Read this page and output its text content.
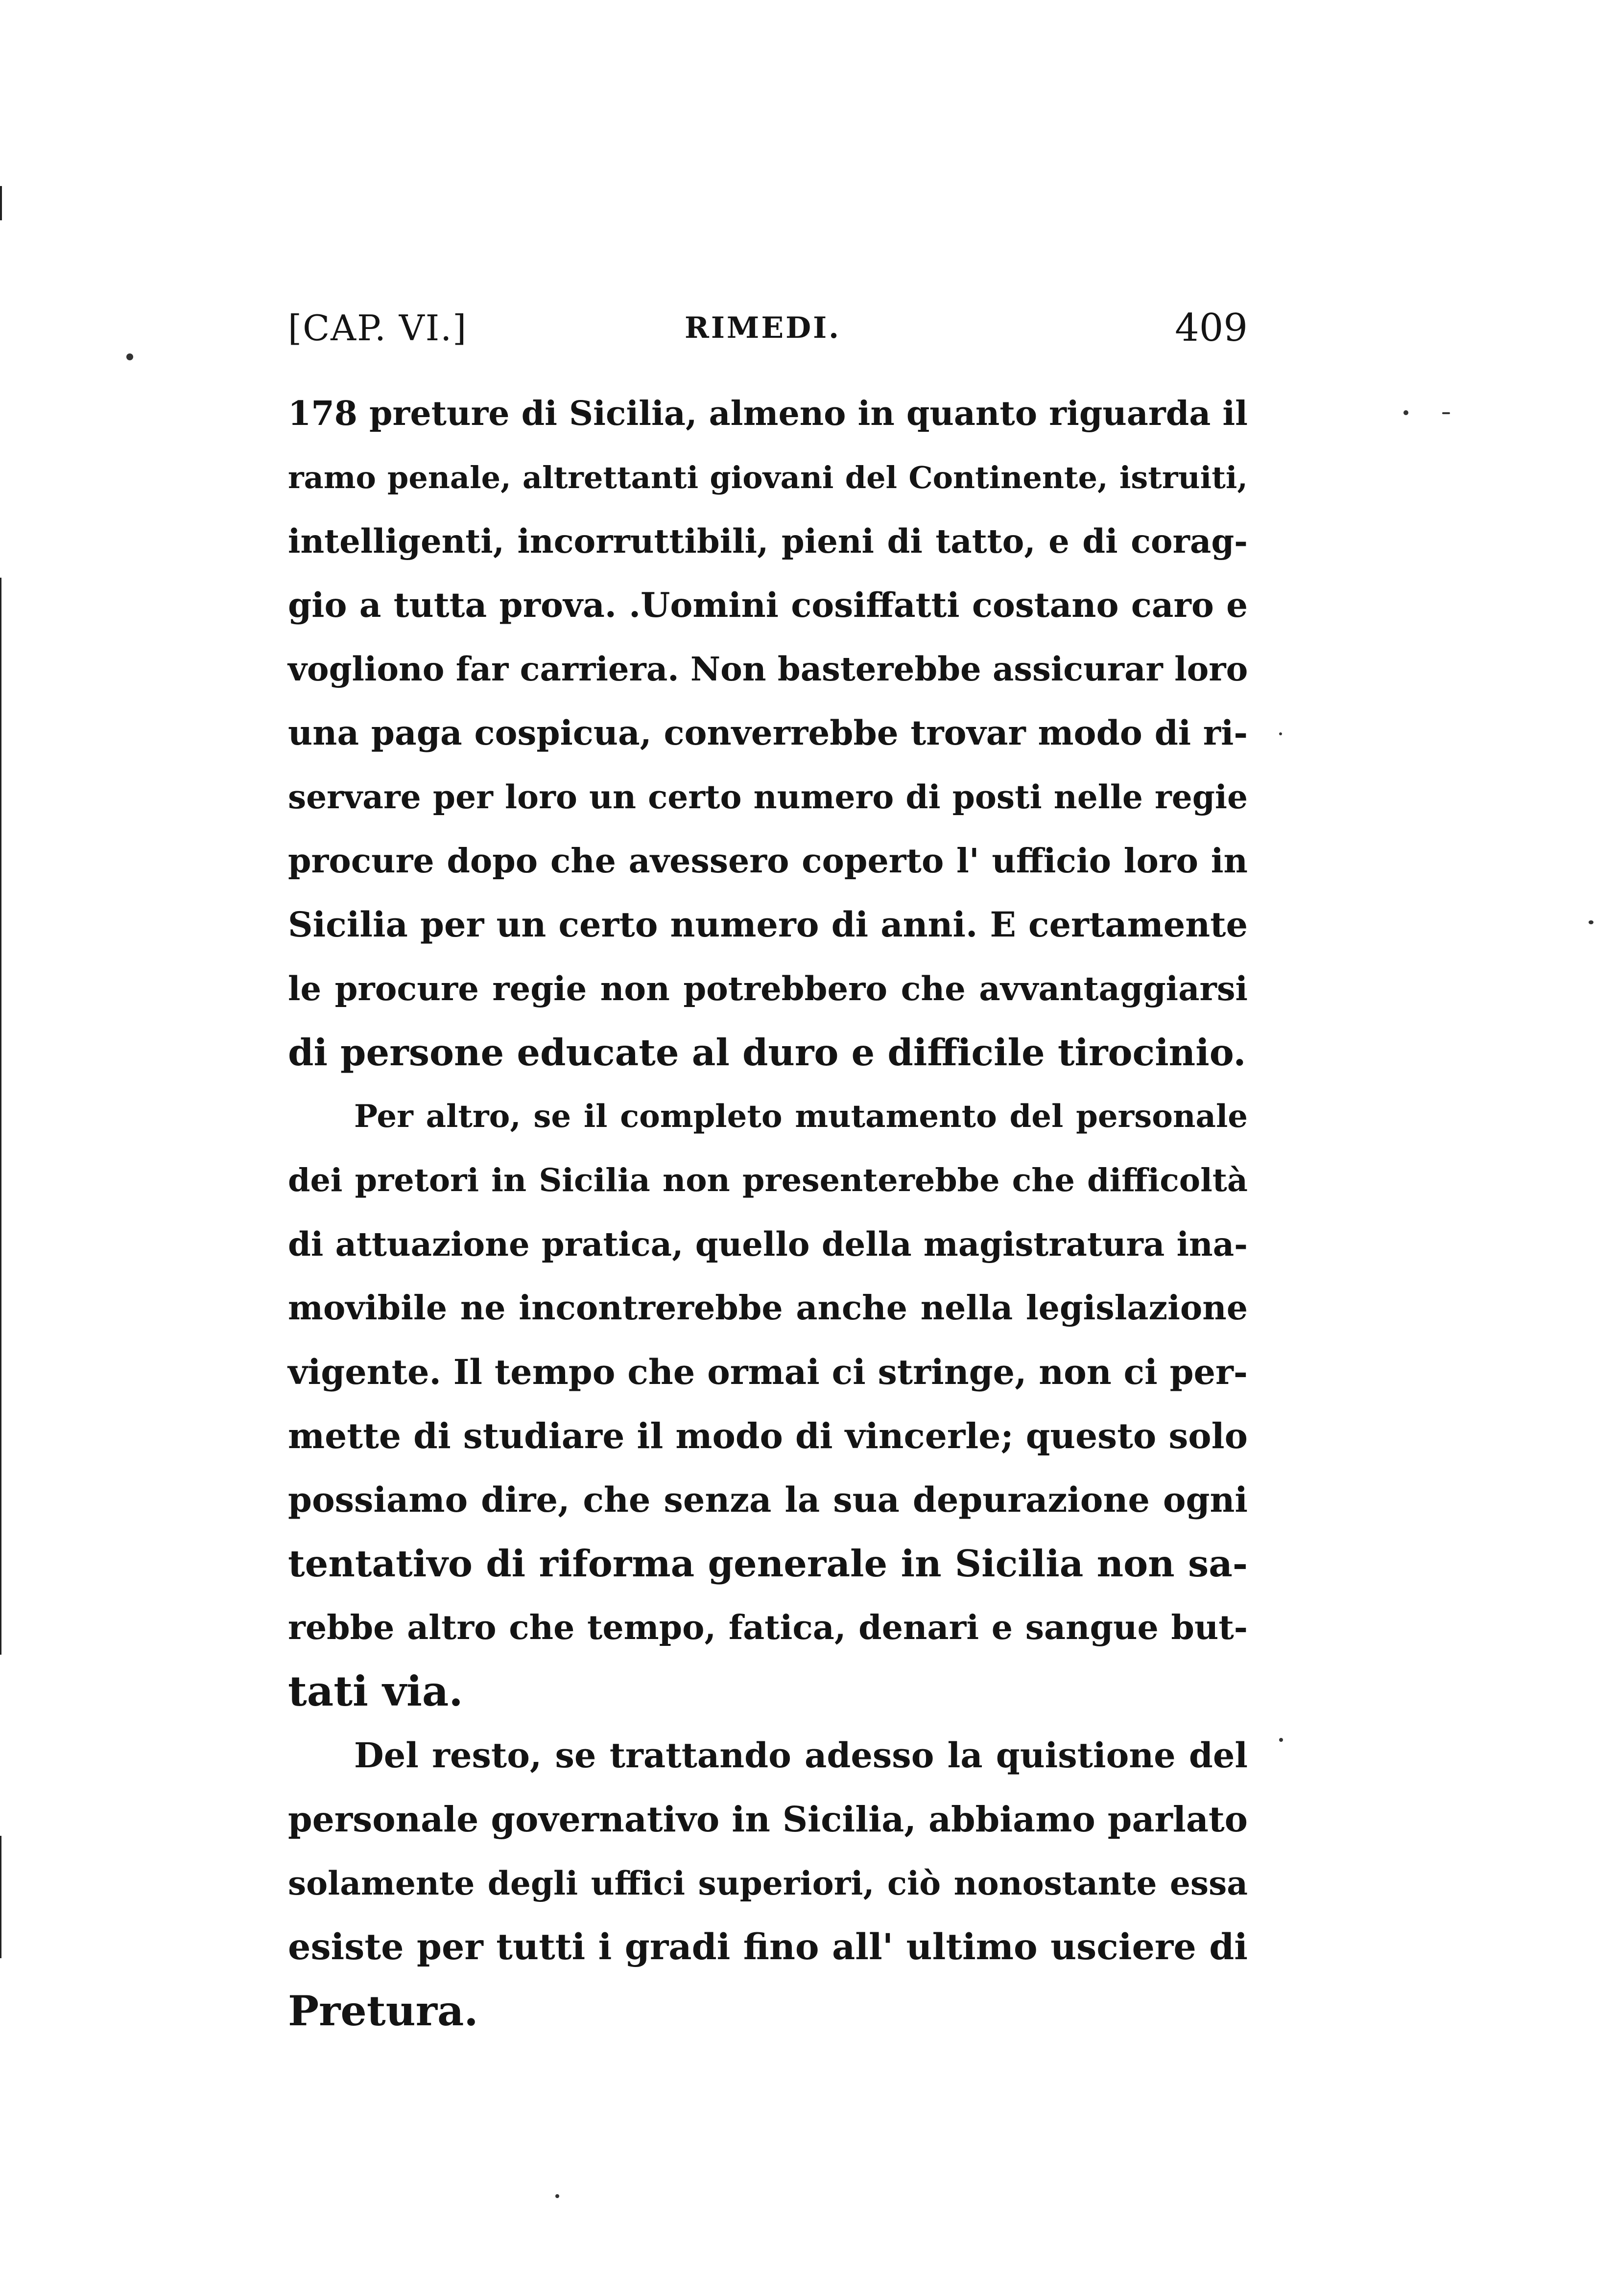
[CAP. VI.]	RIMEDI.	409
178 preture di Sicilia, almeno in quanto riguarda il
ramo penale, altrettanti giovani del Continente, istruiti,
intelligenti, incorruttibili, pieni di tatto, e di corag-
gio a tutta prova. .Uomini cosiffatti costano caro e
vogliono far carriera. Non basterebbe assicurar loro
una paga cospicua, converrebbe trovar modo di ri-
servare per loro un certo numero di posti nelle regie
procure dopo che avessero coperto l' ufficio loro in
Sicilia per un certo numero di anni. E certamente
le procure regie non potrebbero che avvantaggiarsi
di persone educate al duro e difficile tirocinio.
Per altro, se il completo mutamento del personale
dei pretori in Sicilia non presenterebbe che difficoltà
di attuazione pratica, quello della magistratura ina-
movibile ne incontrerebbe anche nella legislazione
vigente. Il tempo che ormai ci stringe, non ci per-
mette di studiare il modo di vincerle; questo solo
possiamo dire, che senza la sua depurazione ogni
tentativo di riforma generale in Sicilia non sa-
rebbe altro che tempo, fatica, denari e sangue but-
tati via.
Del resto, se trattando adesso la quistione del
personale governativo in Sicilia, abbiamo parlato
solamente degli uffici superiori, ciò nonostante essa
esiste per tutti i gradi fino all' ultimo usciere di
Pretura.
